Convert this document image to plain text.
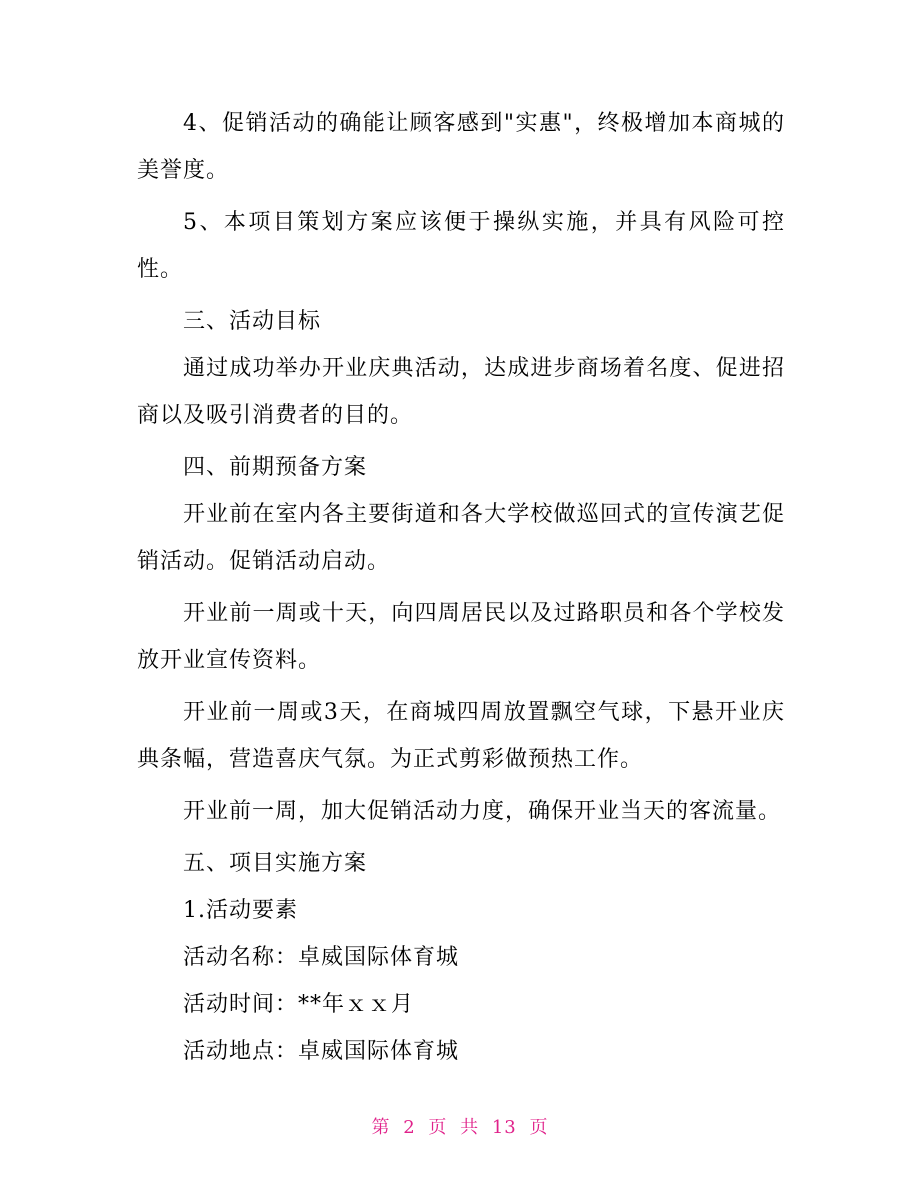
4、促销活动的确能让顾客感到"实惠"，终极增加本商城的美誉度。

5、本项目策划方案应该便于操纵实施，并具有风险可控性。

三、活动目标

通过成功举办开业庆典活动，达成进步商场着名度、促进招商以及吸引消费者的目的。

四、前期预备方案

开业前在室内各主要街道和各大学校做巡回式的宣传演艺促销活动。促销活动启动。

开业前一周或十天，向四周居民以及过路职员和各个学校发放开业宣传资料。

开业前一周或3天，在商城四周放置飘空气球，下悬开业庆典条幅，营造喜庆气氛。为正式剪彩做预热工作。

开业前一周，加大促销活动力度，确保开业当天的客流量。

五、项目实施方案

1.活动要素

活动名称：卓威国际体育城

活动时间：**年ｘｘ月

活动地点：卓威国际体育城

第 2 页 共 13 页
